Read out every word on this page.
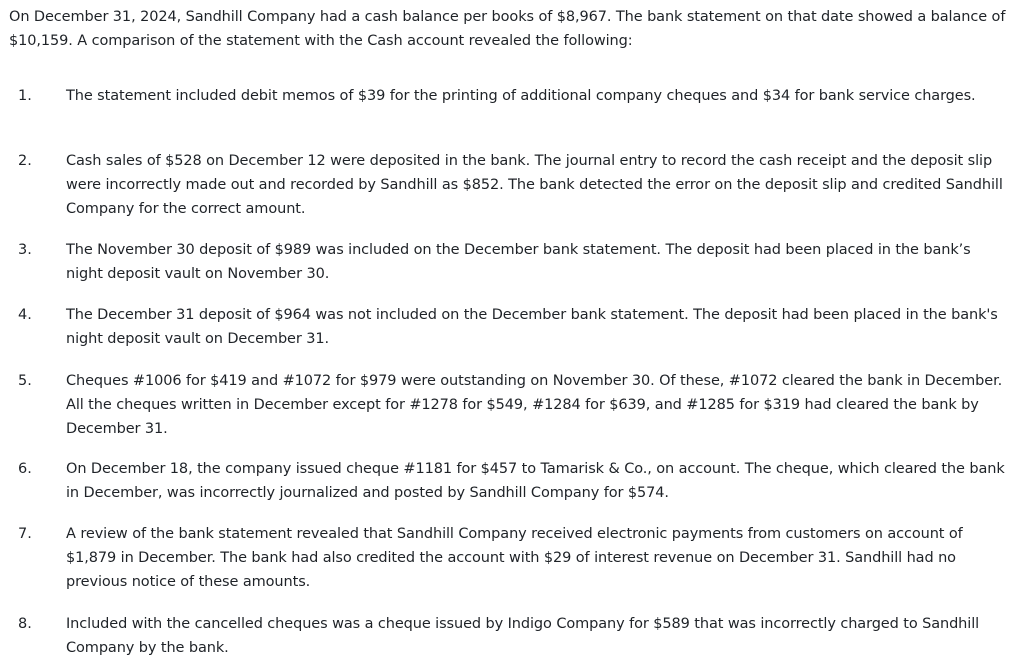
On December 31, 2024, Sandhill Company had a cash balance per books of $8,967. The bank statement on that date showed a balance of $10,159. A comparison of the statement with the Cash account revealed the following:
1. The statement included debit memos of $39 for the printing of additional company cheques and $34 for bank service charges.
2. Cash sales of $528 on December 12 were deposited in the bank. The journal entry to record the cash receipt and the deposit slip were incorrectly made out and recorded by Sandhill as $852. The bank detected the error on the deposit slip and credited Sandhill Company for the correct amount.
3. The November 30 deposit of $989 was included on the December bank statement. The deposit had been placed in the bank’s night deposit vault on November 30.
4. The December 31 deposit of $964 was not included on the December bank statement. The deposit had been placed in the bank's night deposit vault on December 31.
5. Cheques #1006 for $419 and #1072 for $979 were outstanding on November 30. Of these, #1072 cleared the bank in December. All the cheques written in December except for #1278 for $549, #1284 for $639, and #1285 for $319 had cleared the bank by December 31.
6. On December 18, the company issued cheque #1181 for $457 to Tamarisk & Co., on account. The cheque, which cleared the bank in December, was incorrectly journalized and posted by Sandhill Company for $574.
7. A review of the bank statement revealed that Sandhill Company received electronic payments from customers on account of $1,879 in December. The bank had also credited the account with $29 of interest revenue on December 31. Sandhill had no previous notice of these amounts.
8. Included with the cancelled cheques was a cheque issued by Indigo Company for $589 that was incorrectly charged to Sandhill Company by the bank.
